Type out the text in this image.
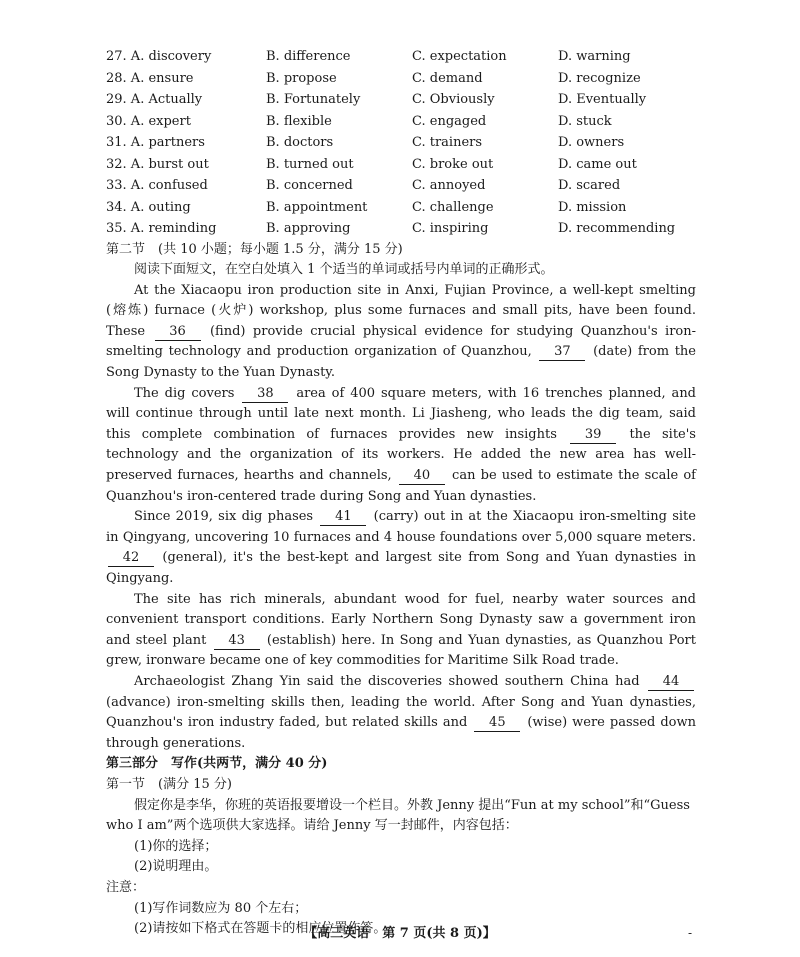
27. A. discovery	B. difference	C. expectation	D. warning
28. A. ensure	B. propose	C. demand	D. recognize
29. A. Actually	B. Fortunately	C. Obviously	D. Eventually
30. A. expert	B. flexible	C. engaged	D. stuck
31. A. partners	B. doctors	C. trainers	D. owners
32. A. burst out	B. turned out	C. broke out	D. came out
33. A. confused	B. concerned	C. annoyed	D. scared
34. A. outing	B. appointment	C. challenge	D. mission
35. A. reminding	B. approving	C. inspiring	D. recommending
第二节　(共 10 小题；每小题 1.5 分，满分 15 分)
阅读下面短文，在空白处填入 1 个适当的单词或括号内单词的正确形式。

At the Xiacaopu iron production site in Anxi, Fujian Province, a well-kept smelting (熔炼) furnace (火炉) workshop, plus some furnaces and small pits, have been found. These 36 (find) provide crucial physical evidence for studying Quanzhou's iron-smelting technology and production organization of Quanzhou, 37 (date) from the Song Dynasty to the Yuan Dynasty.

The dig covers 38 area of 400 square meters, with 16 trenches planned, and will continue through until late next month. Li Jiasheng, who leads the dig team, said this complete combination of furnaces provides new insights 39 the site's technology and the organization of its workers. He added the new area has well-preserved furnaces, hearths and channels, 40 can be used to estimate the scale of Quanzhou's iron-centered trade during Song and Yuan dynasties.

Since 2019, six dig phases 41 (carry) out in at the Xiacaopu iron-smelting site in Qingyang, uncovering 10 furnaces and 4 house foundations over 5,000 square meters. 42 (general), it's the best-kept and largest site from Song and Yuan dynasties in Qingyang.

The site has rich minerals, abundant wood for fuel, nearby water sources and convenient transport conditions. Early Northern Song Dynasty saw a government iron and steel plant 43 (establish) here. In Song and Yuan dynasties, as Quanzhou Port grew, ironware became one of key commodities for Maritime Silk Road trade.

Archaeologist Zhang Yin said the discoveries showed southern China had 44 (advance) iron-smelting skills then, leading the world. After Song and Yuan dynasties, Quanzhou's iron industry faded, but related skills and 45 (wise) were passed down through generations.

第三部分　写作(共两节，满分 40 分)
第一节　(满分 15 分)
假定你是李华，你班的英语报要增设一个栏目。外教 Jenny 提出“Fun at my school”和“Guess who I am”两个选项供大家选择。请给 Jenny 写一封邮件，内容包括：
(1)你的选择；
(2)说明理由。
注意：
(1)写作词数应为 80 个左右；
(2)请按如下格式在答题卡的相应位置作答。
【高三英语　第 7 页(共 8 页)】	-
